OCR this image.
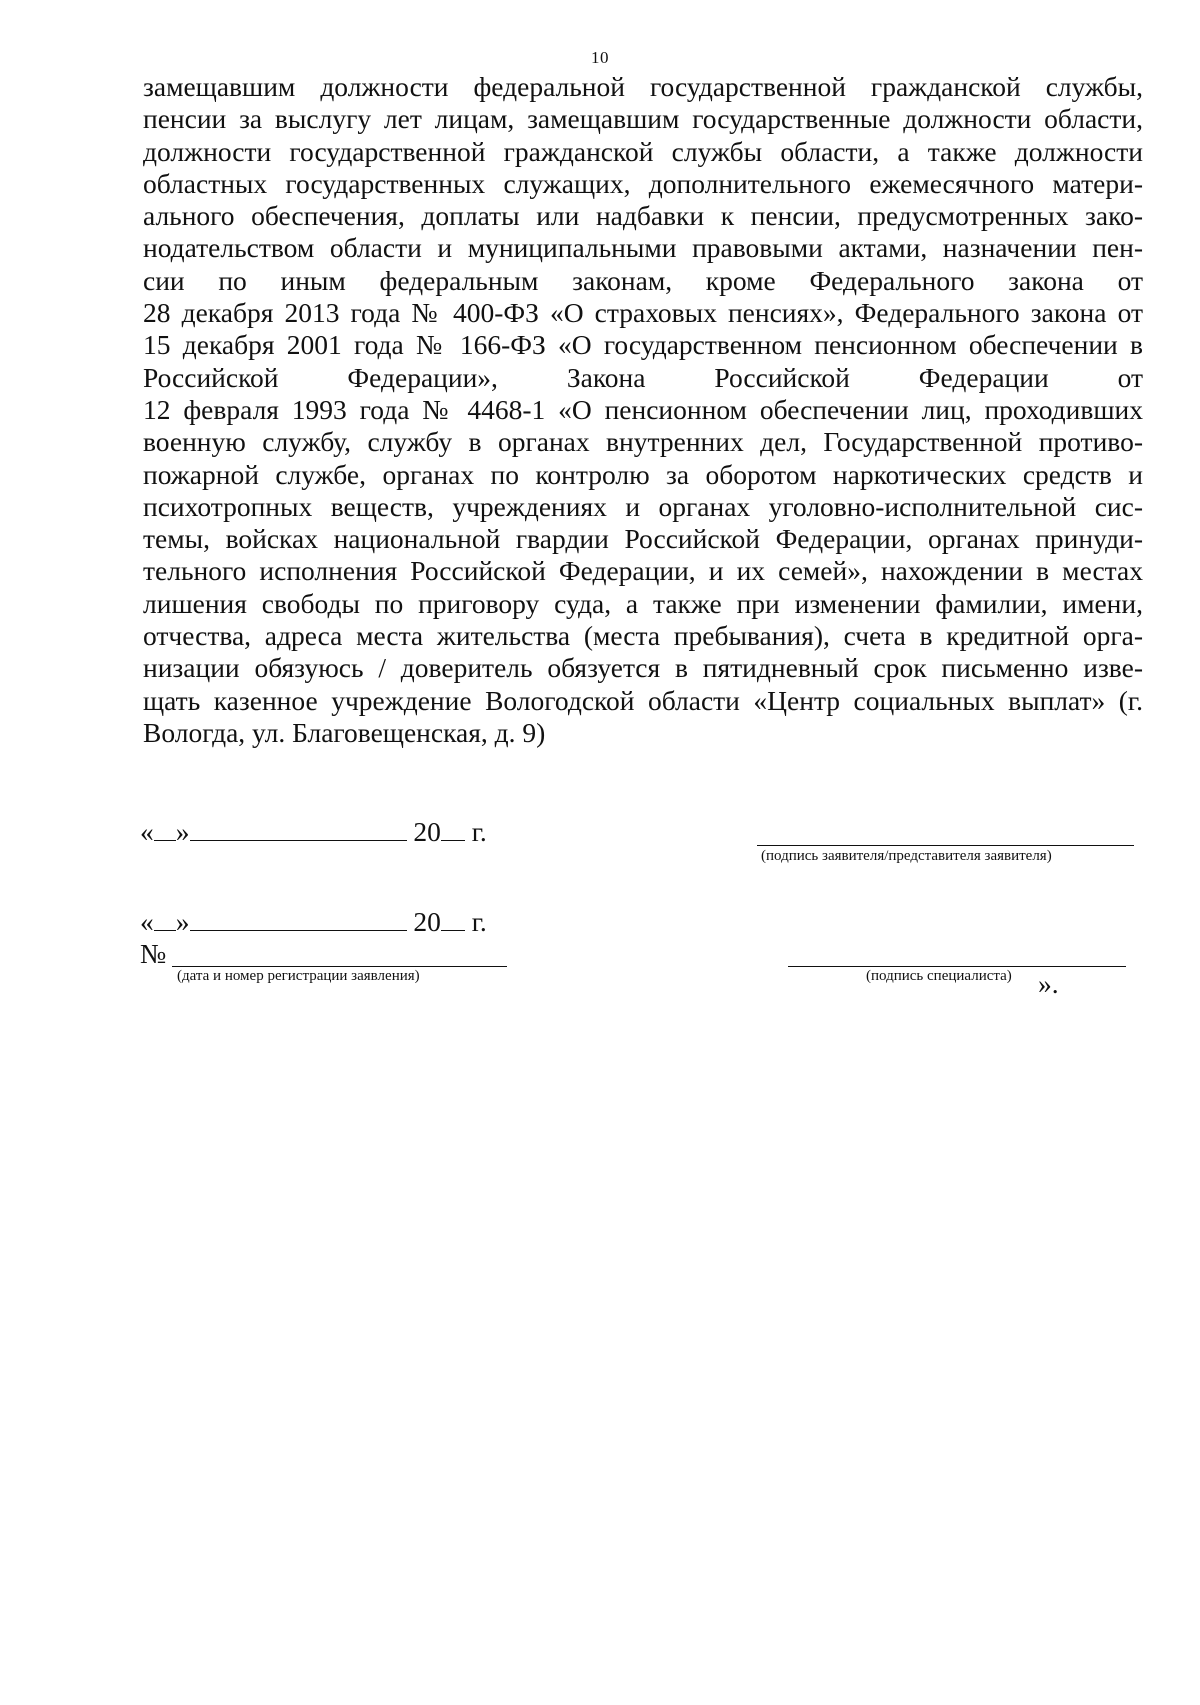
10
замещавшим должности федеральной государственной гражданской службы,
пенсии за выслугу лет лицам, замещавшим государственные должности области,
должности государственной гражданской службы области, а также должности
областных государственных служащих, дополнительного ежемесячного матери-
ального обеспечения, доплаты или надбавки к пенсии, предусмотренных зако-
нодательством области и муниципальными правовыми актами, назначении пен-
сии по иным федеральным законам, кроме Федерального закона от
28 декабря 2013 года № 400-ФЗ «О страховых пенсиях», Федерального закона от
15 декабря 2001 года № 166-ФЗ «О государственном пенсионном обеспечении в
Российской Федерации», Закона Российской Федерации от
12 февраля 1993 года № 4468-1 «О пенсионном обеспечении лиц, проходивших
военную службу, службу в органах внутренних дел, Государственной противо-
пожарной службе, органах по контролю за оборотом наркотических средств и
психотропных веществ, учреждениях и органах уголовно-исполнительной сис-
темы, войсках национальной гвардии Российской Федерации, органах принуди-
тельного исполнения Российской Федерации, и их семей», нахождении в местах
лишения свободы по приговору суда, а также при изменении фамилии, имени,
отчества, адреса места жительства (места пребывания), счета в кредитной орга-
низации обязуюсь / доверитель обязуется в пятидневный срок письменно изве-
щать казенное учреждение Вологодской области «Центр социальных выплат» (г.
Вологда, ул. Благовещенская, д. 9)
« »	20 г.
(подпись заявителя/представителя заявителя)
« »	20 г.
№
(дата и номер регистрации заявления)	(подпись специалиста) ».
